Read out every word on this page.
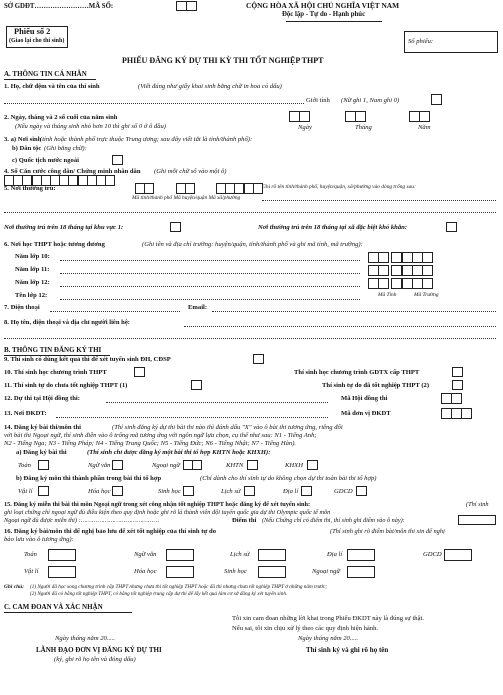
SỞ GDĐT……………………MÃ SỐ:	CỘNG HÒA XÃ HỘI CHỦ NGHĨA VIỆT NAM
Độc lập - Tự do - Hạnh phúc
Phiếu số 2
(Giao lại cho thí sinh)	Số phiếu:
PHIẾU ĐĂNG KÝ DỰ THI KỲ THI TỐT NGHIỆP THPT
A. THÔNG TIN CÁ NHÂN
1. Họ, chữ đệm và tên của thí sinh	(Viết đúng như giấy khai sinh bằng chữ in hoa có dấu)
Giới tính (Nữ ghi 1, Nam ghi 0)
2. Ngày, tháng và 2 số cuối của năm sinh
(Nếu ngày và tháng sinh nhỏ hơn 10 thì ghi số 0 ở ô đầu)	Ngày	Tháng	Năm
3. a) Nơi sinh
(tỉnh hoặc thành phố trực thuộc Trung ương; sau đây viết tắt là tỉnh/thành phố):
b) Dân tộc (Ghi bằng chữ):
c) Quốc tịch nước ngoài
4. Số Căn cước công dân/ Chứng minh nhân dân (Ghi mỗi chữ số vào một ô)
5. Nơi thường trú:	Ghi rõ tên tỉnh/thành phố, huyện/quận, xã/phường vào dòng trống sau:
Mã tỉnh/thành phố Mã huyện/quận Mã xã/phường
Nơi thường trú trên 18 tháng tại khu vực 1:	Nơi thường trú trên 18 tháng tại xã đặc biệt khó khăn:
6. Nơi học THPT hoặc tương đương	(Ghi tên và địa chỉ trường: huyện/quận, tỉnh/thành phố và ghi mã tỉnh, mã trường):
Năm lớp 10:
Năm lớp 11:
Năm lớp 12:
Tên lớp 12:	Mã Tỉnh	Mã Trường
7. Điện thoại	Email:
8. Họ tên, điện thoại và địa chỉ người liên hệ:
B. THÔNG TIN ĐĂNG KÝ THI
9. Thí sinh có dùng kết quả thi để xét tuyển sinh ĐH, CĐSP
10. Thí sinh học chương trình THPT	Thí sinh học chương trình GDTX cấp THPT
11. Thí sinh tự do chưa tốt nghiệp THPT (1)	Thí sinh tự do đã tốt nghiệp THPT (2)
12. Dự thi tại Hội đồng thi:	Mã Hội đồng thi
13. Nơi ĐKDT:	Mã đơn vị ĐKDT
14. Đăng ký bài thi/môn thi	(Thí sinh đăng ký dự thi bài thi nào thì đánh dấu "X" vào ô bài thi tương ứng, riêng đối
với bài thi Ngoại ngữ, thí sinh điền vào ô trống mã tương ứng với ngôn ngữ lựa chọn, cụ thể như sau: N1 - Tiếng Anh;
N2 - Tiếng Nga; N3 - Tiếng Pháp; N4 - Tiếng Trung Quốc; N5 - Tiếng Đức; N6 - Tiếng Nhật; N7 - Tiếng Hàn).
a) Đăng ký bài thi	(Thí sinh chỉ được đăng ký một bài thi tổ hợp KHTN hoặc KHXH):
Toán	Ngữ văn	Ngoại ngữ	KHTN	KHXH
b) Đăng ký môn thi thành phần trong bài thi tổ hợp	(Chỉ dành cho thí sinh tự do không chọn dự thi toàn bài thi tổ hợp)
Vật lí	Hóa học	Sinh học	Lịch sử	Địa lí	GDCD
15. Đăng ký miễn thi bài thi môn Ngoại ngữ trong xét công nhận tốt nghiệp THPT hoặc đăng ký để xét tuyển sinh:	(Thí sinh
ghi loại chứng chỉ ngoại ngữ đủ điều kiện theo quy định hoặc ghi rõ là thành viên đội tuyển quốc gia dự thi Olympic quốc tế môn
Ngoại ngữ đủ được miễn thi) :……………………………………	Điểm thi (Nếu Chứng chỉ có điểm thi, thí sinh ghi điểm vào ô này):
16. Đăng ký bài/môn thi để nghị bảo lưu để xét tốt nghiệp của thí sinh tự do	(Thí sinh ghi rõ điểm bài/môn thi xin để nghị
bảo lưu vào ô tương ứng):
Toán	Ngữ văn	Lịch sử	Địa lí	GDCD
Vật lí	Hóa học	Sinh học	Ngoại ngữ
Ghi chú: (1) Người đã học xong chương trình cấp THPT nhưng chưa thi tốt nghiệp THPT hoặc đã thi nhưng chưa tốt nghiệp THPT ở những năm trước;
(2) Người đã có bằng tốt nghiệp THPT, có bằng tốt nghiệp trung cấp dự thi để lấy kết quả làm cơ sở đăng ký xét tuyển sinh.
C. CAM ĐOAN VÀ XÁC NHẬN
Tôi xin cam đoan những lời khai trong Phiếu ĐKDT này là đúng sự thật.
Nếu sai, tôi xin chịu xử lý theo các quy định hiện hành.
Ngày tháng năm 20.....	Ngày tháng năm 20.....
LÃNH ĐẠO ĐƠN VỊ ĐĂNG KÝ DỰ THI
(ký, ghi rõ họ tên và đóng dấu)
Thí sinh ký và ghi rõ họ tên
